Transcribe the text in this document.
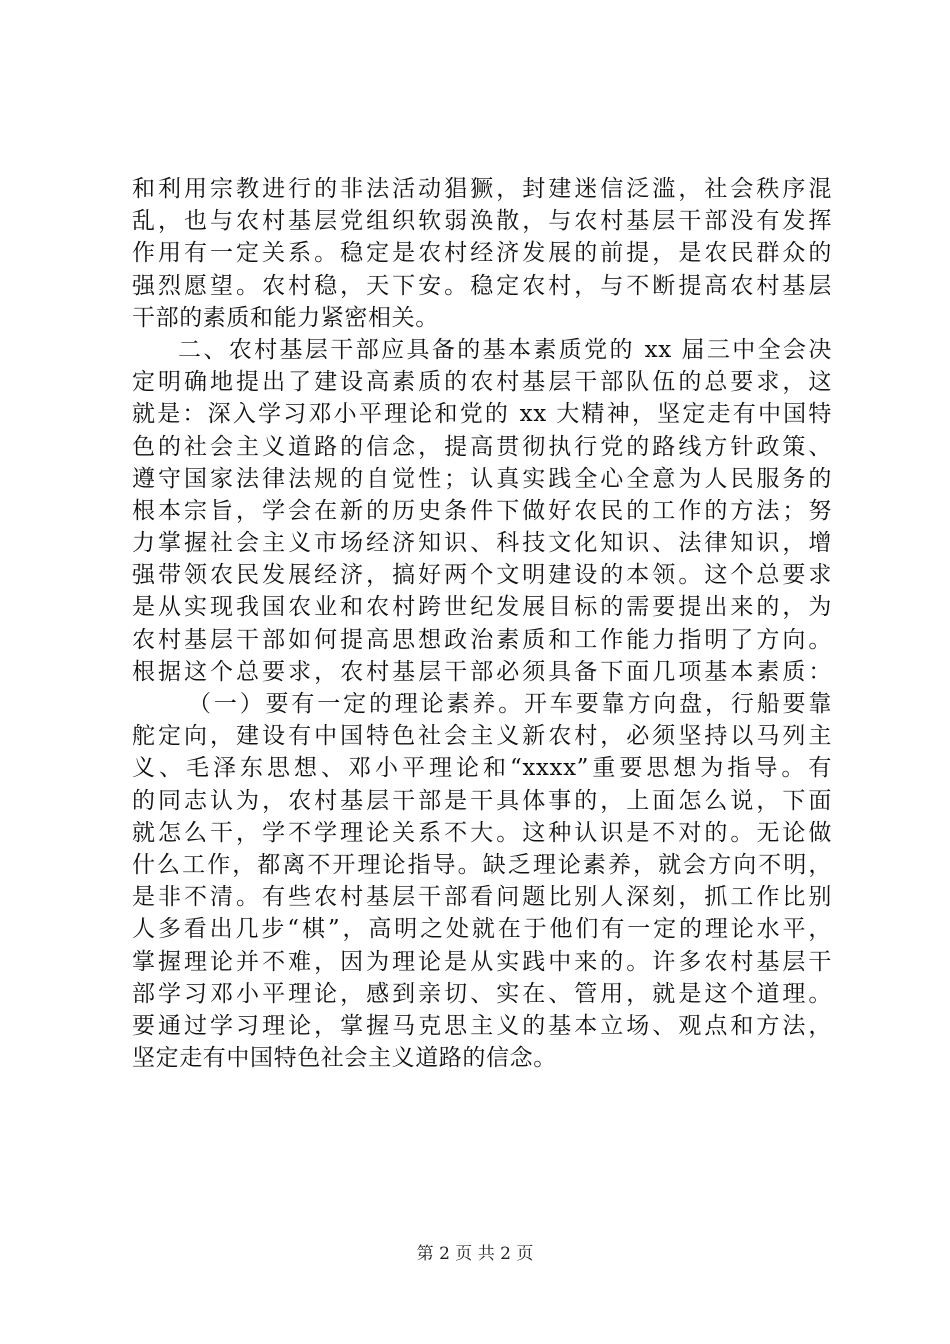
和利用宗教进行的非法活动猖獗，封建迷信泛滥，社会秩序混
乱，也与农村基层党组织软弱涣散，与农村基层干部没有发挥
作用有一定关系。稳定是农村经济发展的前提，是农民群众的
强烈愿望。农村稳，天下安。稳定农村，与不断提高农村基层
干部的素质和能力紧密相关。
二、农村基层干部应具备的基本素质党的 xx 届三中全会决
定明确地提出了建设高素质的农村基层干部队伍的总要求，这
就是：深入学习邓小平理论和党的 xx 大精神，坚定走有中国特
色的社会主义道路的信念，提高贯彻执行党的路线方针政策、
遵守国家法律法规的自觉性；认真实践全心全意为人民服务的
根本宗旨，学会在新的历史条件下做好农民的工作的方法；努
力掌握社会主义市场经济知识、科技文化知识、法律知识，增
强带领农民发展经济，搞好两个文明建设的本领。这个总要求
是从实现我国农业和农村跨世纪发展目标的需要提出来的，为
农村基层干部如何提高思想政治素质和工作能力指明了方向。
根据这个总要求，农村基层干部必须具备下面几项基本素质：
（一）要有一定的理论素养。开车要靠方向盘，行船要靠
舵定向，建设有中国特色社会主义新农村，必须坚持以马列主
义、毛泽东思想、邓小平理论和“xxxx”重要思想为指导。有
的同志认为，农村基层干部是干具体事的，上面怎么说，下面
就怎么干，学不学理论关系不大。这种认识是不对的。无论做
什么工作，都离不开理论指导。缺乏理论素养，就会方向不明，
是非不清。有些农村基层干部看问题比别人深刻，抓工作比别
人多看出几步“棋”，高明之处就在于他们有一定的理论水平，
掌握理论并不难，因为理论是从实践中来的。许多农村基层干
部学习邓小平理论，感到亲切、实在、管用，就是这个道理。
要通过学习理论，掌握马克思主义的基本立场、观点和方法，
坚定走有中国特色社会主义道路的信念。
第 2 页 共 2 页
